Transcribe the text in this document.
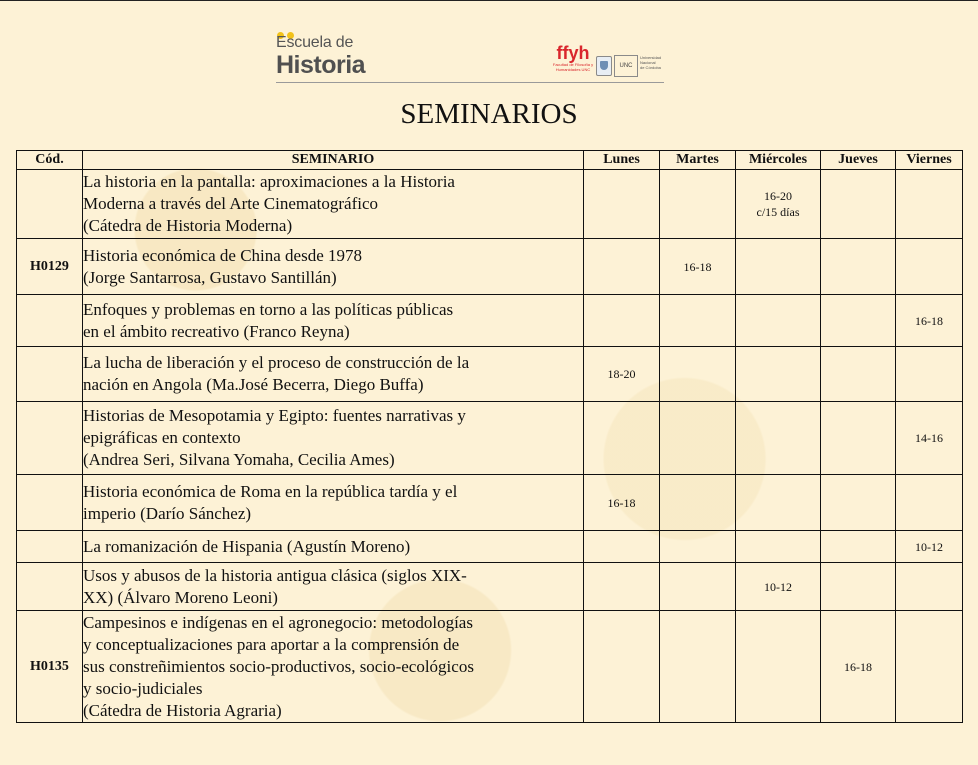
Escuela de
Historia	ffyh
Facultad de Filosofía y Humanidades UNC
UNC
Universidad
Nacional
de Córdoba
SEMINARIOS
Cód.	SEMINARIO	Lunes	Martes	Miércoles	Jueves	Viernes

	La historia en la pantalla: aproximaciones a la Historia
Moderna a través del Arte Cinematográfico
(Cátedra de Historia Moderna)			16-20
c/15 días		

H0129	Historia económica de China desde 1978
(Jorge Santarrosa, Gustavo Santillán)		16-18			

	Enfoques y problemas en torno a las políticas públicas
en el ámbito recreativo (Franco Reyna)					16-18

	La lucha de liberación y el proceso de construcción de la
nación en Angola (Ma.José Becerra, Diego Buffa)	18-20				

	Historias de Mesopotamia y Egipto: fuentes narrativas y
epigráficas en contexto
(Andrea Seri, Silvana Yomaha, Cecilia Ames)					14-16

	Historia económica de Roma en la república tardía y el
imperio (Darío Sánchez)	16-18				

	La romanización de Hispania (Agustín Moreno)					10-12

	Usos y abusos de la historia antigua clásica (siglos XIX-
XX) (Álvaro Moreno Leoni)			10-12		
H0135	Campesinos e indígenas en el agronegocio: metodologías
y conceptualizaciones para aportar a la comprensión de
sus constreñimientos socio-productivos, socio-ecológicos
y socio-judiciales
(Cátedra de Historia Agraria)				16-18	
